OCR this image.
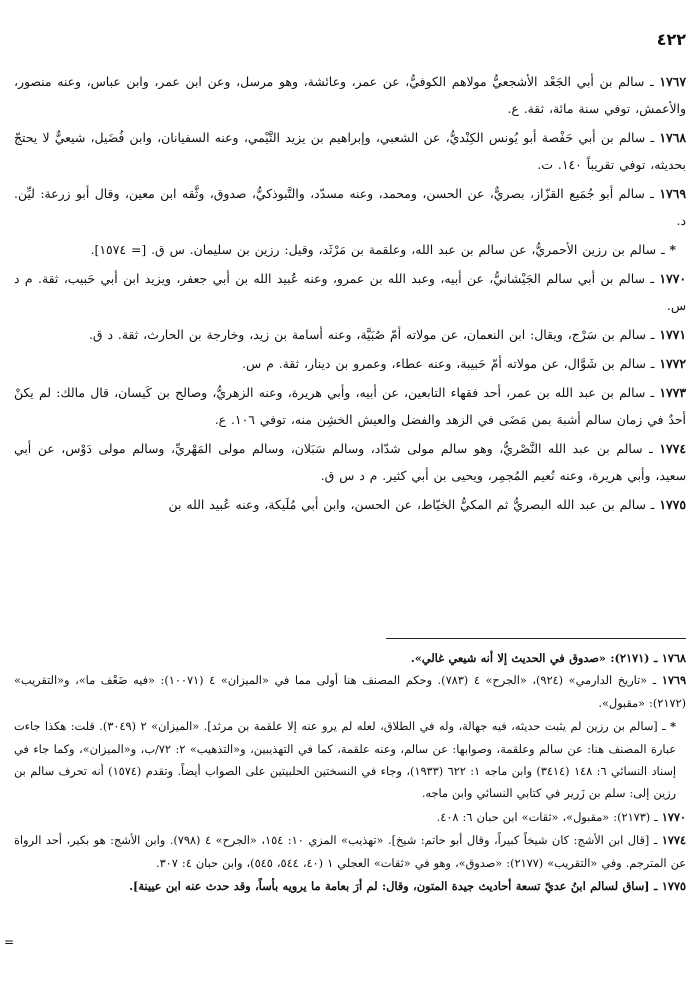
٤٢٢

١٧٦٧ ـ سالم بن أبي الجَعْد الأشجعيُّ مولاهم الكوفيُّ، عن عمر، وعائشة، وهو مرسل، وعن ابن عمر، وابن عباس، وعنه منصور، والأعمش، توفي سنة مائة، ثقة. ع.

١٧٦٨ ـ سالم بن أبي حَفْصة أبو يُونس الكِنْديُّ، عن الشعبي، وإبراهيم بن يزيد التَّيْمي، وعنه السفيانان، وابن فُضَيل، شيعيٌّ لا يحتجّ بحديثه، توفي تقريباً ١٤٠. ت.

١٧٦٩ ـ سالم أبو جُمَيع القزّاز، بصريٌّ، عن الحسن، ومحمد، وعنه مسدّد، والتَّبوذكيُّ، صدوق، وثَّقه ابن معين، وقال أبو زرعة: ليِّن. د.

* ـ سالم بن رزين الأحمريُّ، عن سالم بن عبد الله، وعلقمة بن مَرْثَد، وقيل: رزين بن سليمان. س ق. [= ١٥٧٤].

١٧٧٠ ـ سالم بن أبي سالم الجَيْشانيُّ، عن أبيه، وعبد الله بن عمرو، وعنه عُبيد الله بن أبي جعفر، ويزيد ابن أبي حَبيب، ثقة. م د س.

١٧٧١ ـ سالم بن سَرْج، ويقال: ابن النعمان، عن مولاته أمّ صُبَيَّة، وعنه أسامة بن زيد، وخارجة بن الحارث، ثقة. د ق.

١٧٧٢ ـ سالم بن شَوَّال، عن مولاته أمّ حَبيبة، وعنه عطاء، وعمرو بن دينار، ثقة. م س.

١٧٧٣ ـ سالم بن عبد الله بن عمر، أحد فقهاء التابعين، عن أبيه، وأبي هريرة، وعنه الزهريُّ، وصالح بن كَيسان، قال مالك: لم يكنْ أحدٌ في زمان سالم أشبهَ بمن مَضَى في الزهد والفضل والعيش الخشِن منه، توفي ١٠٦. ع.

١٧٧٤ ـ سالم بن عبد الله النَّصْريُّ، وهو سالم مولى شدّاد، وسالم سَبَلان، وسالم مولى المَهْريِّ، وسالم مولى دَوْس، عن أبي سعيد، وأبي هريرة، وعنه نُعيم المُجمِر، ويحيى بن أبي كثير. م د س ق.

١٧٧٥ ـ سالم بن عبد الله البصريُّ ثم المكيُّ الخيّاط، عن الحسن، وابن أبي مُلَيكة، وعنه عُبيد الله بن

١٧٦٨ ـ (٢١٧١): «صدوق في الحديث إلا أنه شيعي غالي».

١٧٦٩ ـ «تاريخ الدارمي» (٩٢٤)، «الجرح» ٤ (٧٨٣). وحكم المصنف هنا أولى مما في «الميزان» ٤ (١٠٠٧١): «فيه ضَعْف ما»، و«التقريب» (٢١٧٢): «مقبول».

* ـ [سالم بن رزين لم يثبت حديثه، فيه جهالة، وله في الطلاق، لعله لم يرو عنه إلا علقمة بن مرثد]. «الميزان» ٢ (٣٠٤٩). قلت: هكذا جاءت عبارة المصنف هنا: عن سالم وعلقمة، وصوابها: عن سالم، وعنه علقمة، كما في التهذيبين، و«التذهيب» ٢: ٧٢/ب، و«الميزان»، وكما جاء في إسناد النسائي ٦: ١٤٨ (٣٤١٤) وابن ماجه ١: ٦٢٢ (١٩٣٣)، وجاء في النسختين الحلبيتين على الصواب أيضاً. وتقدم (١٥٧٤) أنه تحرف سالم بن رزين إلى: سلم بن زَرير في كتابي النسائي وابن ماجه.

١٧٧٠ ـ (٢١٧٣): «مقبول»، «ثقات» ابن حبان ٦: ٤٠٨.

١٧٧٤ ـ [قال ابن الأشج: كان شيخاً كبيراً، وقال أبو حاتم: شيخ]. «تهذيب» المزي ١٠: ١٥٤، «الجرح» ٤ (٧٩٨). وابن الأشج: هو بكير، أحد الرواة عن المترجم. وفي «التقريب» (٢١٧٧): «صدوق»، وهو في «ثقات» العجلي ١ (٤٠، ٥٤٤، ٥٤٥)، وابن حبان ٤: ٣٠٧.

١٧٧٥ ـ [ساق لسالم ابنُ عديّ تسعة أحاديث جيدة المتون، وقال: لم أرَ بعامة ما يرويه بأساً، وقد حدث عنه ابن عيينة].

=
